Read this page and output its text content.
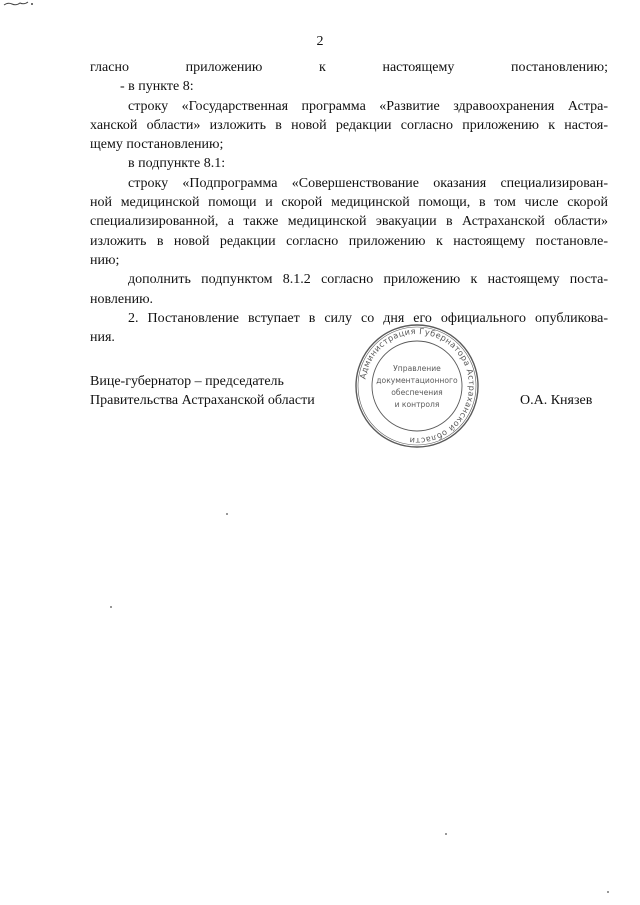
2
гласно приложению к настоящему постановлению;
- в пункте 8:
строку «Государственная программа «Развитие здравоохранения Астра-
ханской области» изложить в новой редакции согласно приложению к настоя-
щему постановлению;
в подпункте 8.1:
строку «Подпрограмма «Совершенствование оказания специализирован-
ной медицинской помощи и скорой медицинской помощи, в том числе скорой
специализированной, а также медицинской эвакуации в Астраханской области»
изложить в новой редакции согласно приложению к настоящему постановле-
нию;
дополнить подпунктом 8.1.2 согласно приложению к настоящему поста-
новлению.
2. Постановление вступает в силу со дня его официального опубликова-
ния.
Вице-губернатор – председатель
Правительства Астраханской области	О.А. Князев
Администрация Губернатора Астраханской области
Управление
документационного
обеспечения
и контроля
